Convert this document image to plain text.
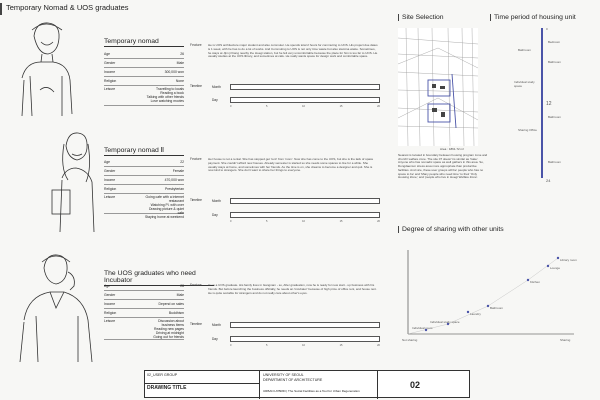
Temporary Nomad & UOS graduates
Temporary nomad
Age	26
Gender	Male
Income	300,000 won
Religion	None
Leisure	Travelling to locals
Reading a book
Talking with other friends
Love watching movies
Feature He is UOS architecture major student and also commuter. He spends total 2 hours for commuting to UOS. His project due dates is 1 week, with he has to do a lot of works. And Commuting to UOS is not only time waste but also stamina waste. Sometimes, he stays at Jjim jil bang nearby the Hoegi station, but he felt very uncomfortable because the place for him is too far to UOS. He usually studies at the UOS library, and sometimes at cafe. He really wants space for design work and comfortable space.
Timeline	Month
Day
0	5	10	15	20
Temporary nomad Ⅱ
Age	22
Gender	Female
Income	470,000 won
Religion	Presbyterian
Leisure	Going cafe with a internet restaurant
Watching Pl. with over
Drawing picture & quiet cafe
Staying home at weekend
Feature Her house is not a rental. She has stopped get 'rent' from 'mom'. Now she has come to the UOS, but she is the lack of space payment. She couldn't afford new houses. Already semester is started so she needs some spaces to live for a while. She usually stays at home, and sometimes with her friends. As the time is on, she dreams to become a designer and quit. She is now kind to strangers. She don't want to share her things to everyone.
Timeline	Month
Day
0	5	10	15	20
The UOS graduates who need Incubator
Age	28
Gender	Male
Income	Depend on sales
Religion	Buddhism
Leisure	Discussion about business items
Reading new pages
Driving at midnight
Going out for friends
Feature He is a UOS graduate. His family lives in Gangnam - so, After graduation, now he is ready for new start - up business with his friends. But before launching the business officially, he needs an 'incubator' because of high price of office rent, and house rent. He is quite sociable for strangers and do not really care about other's eyes.
Timeline	Month
Day
0	5	10	15	20
Site Selection
Area : 1861.72 m²
Nearest is located in boundary between housing program zone and church/ welfare zone. The site 07 doesn't is similar as 'Gate'. Anyone who has nomadic space as well gathers in this area. So, Dongdaemun stress area more appropriate than productive facilities. And vice, these user groups will be' people who has no space to be' and 'Many people who need time' to their 'Only Housing Zone,' and 'people who live in Hoegi Welfare Zone'.
Time period of housing unit
0
12
24
Bathroom
Individual study space
Sharing Office
Bathroom
Bathroom
Bathroom
Bedroom
Degree of sharing with other units
Not sharing	Sharing
Library room
Lounge
Kitchen
Bathroom
Laundry
Individual study space
Individual room
02_USER GROUP
DRAWING TITLE
UNIVERSITY OF SEOUL
DEPARTMENT OF ARCHITECTURE
URBAN HYBRID | The Social Facilities as a Tool for Urban Regeneration
02
